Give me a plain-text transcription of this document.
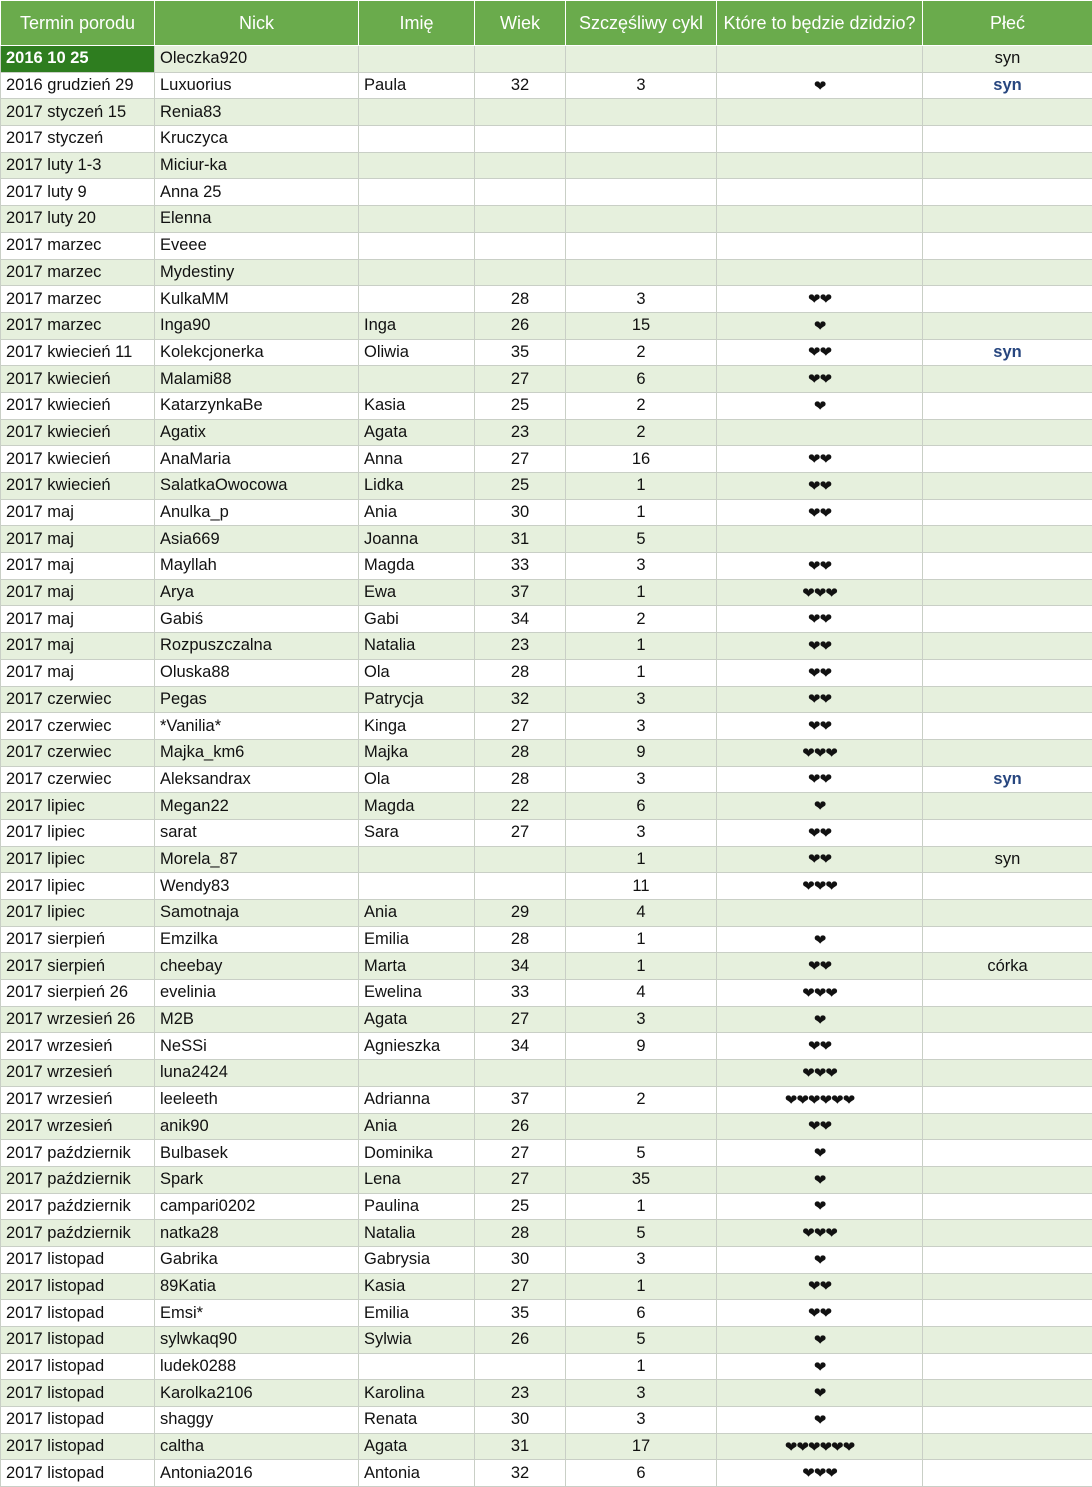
Termin porodu	Nick	Imię	Wiek	Szczęśliwy cykl	Które to będzie dzidzio?	Płeć
2016 10 25	Oleczka920					syn
2016 grudzień 29	Luxuorius	Paula	32	3	❤	syn
2017 styczeń 15	Renia83					
2017 styczeń	Kruczyca					
2017 luty 1-3	Miciur-ka					
2017 luty 9	Anna 25					
2017 luty 20	Elenna					
2017 marzec	Eveee					
2017 marzec	Mydestiny					
2017 marzec	KulkaMM		28	3	❤❤	
2017 marzec	Inga90	Inga	26	15	❤	
2017 kwiecień 11	Kolekcjonerka	Oliwia	35	2	❤❤	syn
2017 kwiecień	Malami88		27	6	❤❤	
2017 kwiecień	KatarzynkaBe	Kasia	25	2	❤	
2017 kwiecień	Agatix	Agata	23	2		
2017 kwiecień	AnaMaria	Anna	27	16	❤❤	
2017 kwiecień	SalatkaOwocowa	Lidka	25	1	❤❤	
2017 maj	Anulka_p	Ania	30	1	❤❤	
2017 maj	Asia669	Joanna	31	5		
2017 maj	Mayllah	Magda	33	3	❤❤	
2017 maj	Arya	Ewa	37	1	❤❤❤	
2017 maj	Gabiś	Gabi	34	2	❤❤	
2017 maj	Rozpuszczalna	Natalia	23	1	❤❤	
2017 maj	Oluska88	Ola	28	1	❤❤	
2017 czerwiec	Pegas	Patrycja	32	3	❤❤	
2017 czerwiec	*Vanilia*	Kinga	27	3	❤❤	
2017 czerwiec	Majka_km6	Majka	28	9	❤❤❤	
2017 czerwiec	Aleksandrax	Ola	28	3	❤❤	syn
2017 lipiec	Megan22	Magda	22	6	❤	
2017 lipiec	sarat	Sara	27	3	❤❤	
2017 lipiec	Morela_87			1	❤❤	syn
2017 lipiec	Wendy83			11	❤❤❤	
2017 lipiec	Samotnaja	Ania	29	4		
2017 sierpień	Emzilka	Emilia	28	1	❤	
2017 sierpień	cheebay	Marta	34	1	❤❤	córka
2017 sierpień 26	evelinia	Ewelina	33	4	❤❤❤	
2017 wrzesień 26	M2B	Agata	27	3	❤	
2017 wrzesień	NeSSi	Agnieszka	34	9	❤❤	
2017 wrzesień	luna2424				❤❤❤	
2017 wrzesień	leeleeth	Adrianna	37	2	❤❤❤❤❤❤	
2017 wrzesień	anik90	Ania	26		❤❤	
2017 październik	Bulbasek	Dominika	27	5	❤	
2017 październik	Spark	Lena	27	35	❤	
2017 październik	campari0202	Paulina	25	1	❤	
2017 październik	natka28	Natalia	28	5	❤❤❤	
2017 listopad	Gabrika	Gabrysia	30	3	❤	
2017 listopad	89Katia	Kasia	27	1	❤❤	
2017 listopad	Emsi*	Emilia	35	6	❤❤	
2017 listopad	sylwkaq90	Sylwia	26	5	❤	
2017 listopad	ludek0288			1	❤	
2017 listopad	Karolka2106	Karolina	23	3	❤	
2017 listopad	shaggy	Renata	30	3	❤	
2017 listopad	caltha	Agata	31	17	❤❤❤❤❤❤	
2017 listopad	Antonia2016	Antonia	32	6	❤❤❤	
